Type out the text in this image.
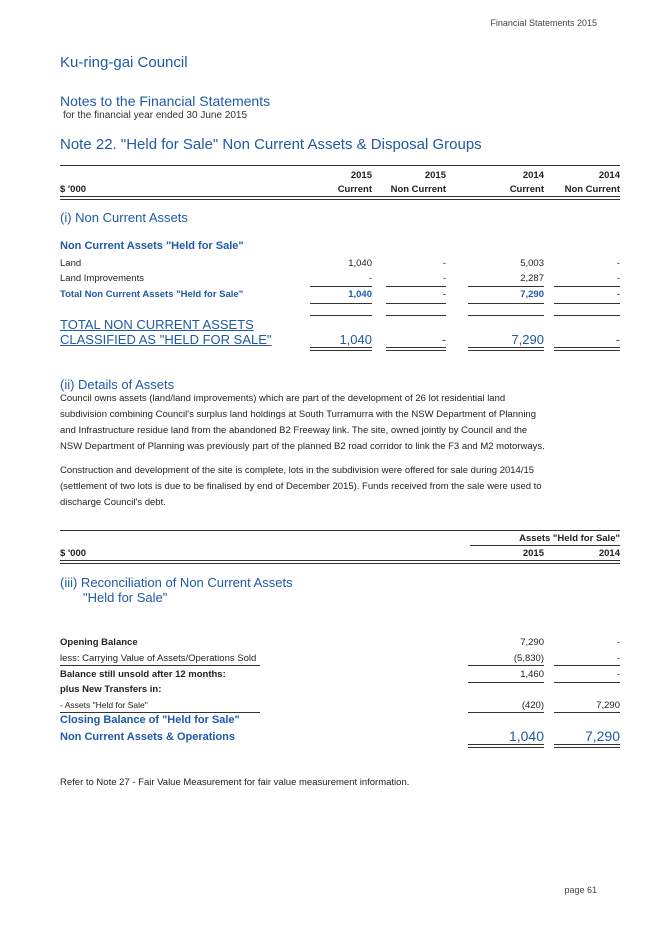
Financial Statements 2015
Ku-ring-gai Council
Notes to the Financial Statements
for the financial year ended 30 June 2015
Note 22. "Held for Sale" Non Current Assets & Disposal Groups
2015	2015	2014	2014
$ '000	Current	Non Current	Current	Non Current
(i) Non Current Assets
Non Current Assets "Held for Sale"
Land	1,040	-	5,003	-
Land Improvements	-	-	2,287	-
Total Non Current Assets "Held for Sale"	1,040	-	7,290	-
TOTAL NON CURRENT ASSETS
CLASSIFIED AS "HELD FOR SALE"	1,040	-	7,290	-
(ii) Details of Assets
Council owns assets (land/land improvements) which are part of the development of 26 lot residential land
subdivision combining Council's surplus land holdings at South Turramurra with the NSW Department of Planning
and Infrastructure residue land from the abandoned B2 Freeway link. The site, owned jointly by Council and the
NSW Department of Planning was previously part of the planned B2 road corridor to link the F3 and M2 motorways.
Construction and development of the site is complete, lots in the subdivision were offered for sale during 2014/15
(settlement of two lots is due to be finalised by end of December 2015). Funds received from the sale were used to
discharge Council's debt.
Assets "Held for Sale"
$ '000	2015	2014
(iii) Reconciliation of Non Current Assets
"Held for Sale"
Opening Balance	7,290	-
less: Carrying Value of Assets/Operations Sold	(5,830)	-
Balance still unsold after 12 months:	1,460	-
plus New Transfers in:
- Assets "Held for Sale"	(420)	7,290
Closing Balance of "Held for Sale"
Non Current Assets & Operations	1,040	7,290
Refer to Note 27 - Fair Value Measurement for fair value measurement information.
page 61
